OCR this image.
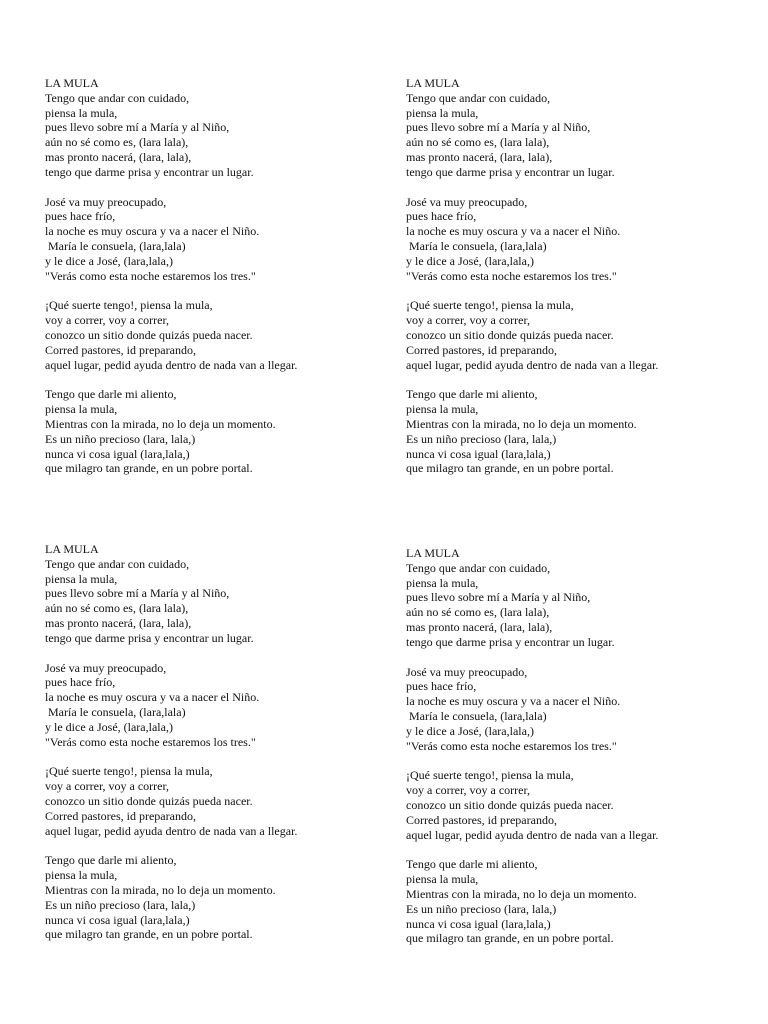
LA MULA
Tengo que andar con cuidado,
piensa la mula,
pues llevo sobre mí a María y al Niño,
aún no sé como es, (lara lala),
mas pronto nacerá, (lara, lala),
tengo que darme prisa y encontrar un lugar.
José va muy preocupado,
pues hace frío,
la noche es muy oscura y va a nacer el Niño.
María le consuela, (lara,lala)
y le dice a José, (lara,lala,)
"Verás como esta noche estaremos los tres."
¡Qué suerte tengo!, piensa la mula,
voy a correr, voy a correr,
conozco un sitio donde quizás pueda nacer.
Corred pastores, id preparando,
aquel lugar, pedid ayuda dentro de nada van a llegar.
Tengo que darle mi aliento,
piensa la mula,
Mientras con la mirada, no lo deja un momento.
Es un niño precioso (lara, lala,)
nunca vi cosa igual (lara,lala,)
que milagro tan grande, en un pobre portal.
LA MULA
Tengo que andar con cuidado,
piensa la mula,
pues llevo sobre mí a María y al Niño,
aún no sé como es, (lara lala),
mas pronto nacerá, (lara, lala),
tengo que darme prisa y encontrar un lugar.
José va muy preocupado,
pues hace frío,
la noche es muy oscura y va a nacer el Niño.
María le consuela, (lara,lala)
y le dice a José, (lara,lala,)
"Verás como esta noche estaremos los tres."
¡Qué suerte tengo!, piensa la mula,
voy a correr, voy a correr,
conozco un sitio donde quizás pueda nacer.
Corred pastores, id preparando,
aquel lugar, pedid ayuda dentro de nada van a llegar.
Tengo que darle mi aliento,
piensa la mula,
Mientras con la mirada, no lo deja un momento.
Es un niño precioso (lara, lala,)
nunca vi cosa igual (lara,lala,)
que milagro tan grande, en un pobre portal.
LA MULA
Tengo que andar con cuidado,
piensa la mula,
pues llevo sobre mí a María y al Niño,
aún no sé como es, (lara lala),
mas pronto nacerá, (lara, lala),
tengo que darme prisa y encontrar un lugar.
José va muy preocupado,
pues hace frío,
la noche es muy oscura y va a nacer el Niño.
María le consuela, (lara,lala)
y le dice a José, (lara,lala,)
"Verás como esta noche estaremos los tres."
¡Qué suerte tengo!, piensa la mula,
voy a correr, voy a correr,
conozco un sitio donde quizás pueda nacer.
Corred pastores, id preparando,
aquel lugar, pedid ayuda dentro de nada van a llegar.
Tengo que darle mi aliento,
piensa la mula,
Mientras con la mirada, no lo deja un momento.
Es un niño precioso (lara, lala,)
nunca vi cosa igual (lara,lala,)
que milagro tan grande, en un pobre portal.
LA MULA
Tengo que andar con cuidado,
piensa la mula,
pues llevo sobre mí a María y al Niño,
aún no sé como es, (lara lala),
mas pronto nacerá, (lara, lala),
tengo que darme prisa y encontrar un lugar.
José va muy preocupado,
pues hace frío,
la noche es muy oscura y va a nacer el Niño.
María le consuela, (lara,lala)
y le dice a José, (lara,lala,)
"Verás como esta noche estaremos los tres."
¡Qué suerte tengo!, piensa la mula,
voy a correr, voy a correr,
conozco un sitio donde quizás pueda nacer.
Corred pastores, id preparando,
aquel lugar, pedid ayuda dentro de nada van a llegar.
Tengo que darle mi aliento,
piensa la mula,
Mientras con la mirada, no lo deja un momento.
Es un niño precioso (lara, lala,)
nunca vi cosa igual (lara,lala,)
que milagro tan grande, en un pobre portal.
